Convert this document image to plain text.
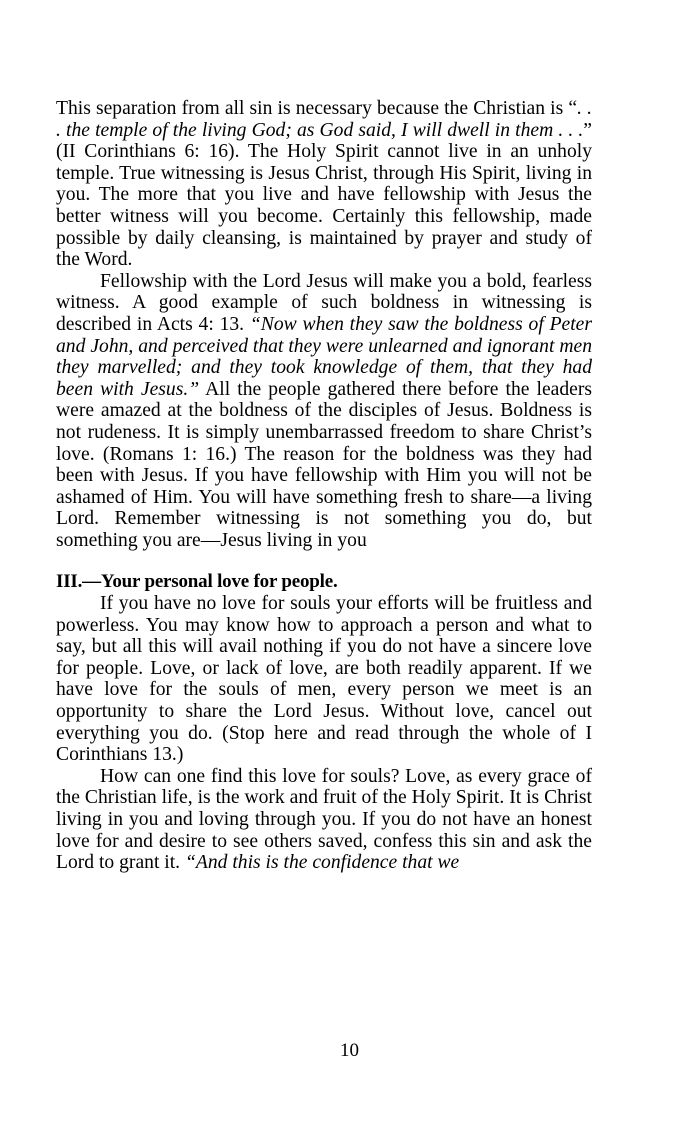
This separation from all sin is necessary because the Christian is “. . . the temple of the living God; as God said, I will dwell in them . . .” (II Corinthians 6: 16). The Holy Spirit cannot live in an unholy temple. True witnessing is Jesus Christ, through His Spirit, living in you. The more that you live and have fellowship with Jesus the better witness will you become. Certainly this fellowship, made possible by daily cleansing, is maintained by prayer and study of the Word.

Fellowship with the Lord Jesus will make you a bold, fearless witness. A good example of such boldness in witnessing is described in Acts 4: 13. “Now when they saw the boldness of Peter and John, and perceived that they were unlearned and ignorant men they marvelled; and they took knowledge of them, that they had been with Jesus.” All the people gathered there before the leaders were amazed at the boldness of the disciples of Jesus. Boldness is not rudeness. It is simply unembarrassed freedom to share Christ’s love. (Romans 1: 16.) The reason for the boldness was they had been with Jesus. If you have fellowship with Him you will not be ashamed of Him. You will have something fresh to share—a living Lord. Remember witnessing is not something you do, but something you are—Jesus living in you

III.—Your personal love for people.

If you have no love for souls your efforts will be fruitless and powerless. You may know how to approach a person and what to say, but all this will avail nothing if you do not have a sincere love for people. Love, or lack of love, are both readily apparent. If we have love for the souls of men, every person we meet is an opportunity to share the Lord Jesus. Without love, cancel out everything you do. (Stop here and read through the whole of I Corinthians 13.)

How can one find this love for souls? Love, as every grace of the Christian life, is the work and fruit of the Holy Spirit. It is Christ living in you and loving through you. If you do not have an honest love for and desire to see others saved, confess this sin and ask the Lord to grant it. “And this is the confidence that we

10
